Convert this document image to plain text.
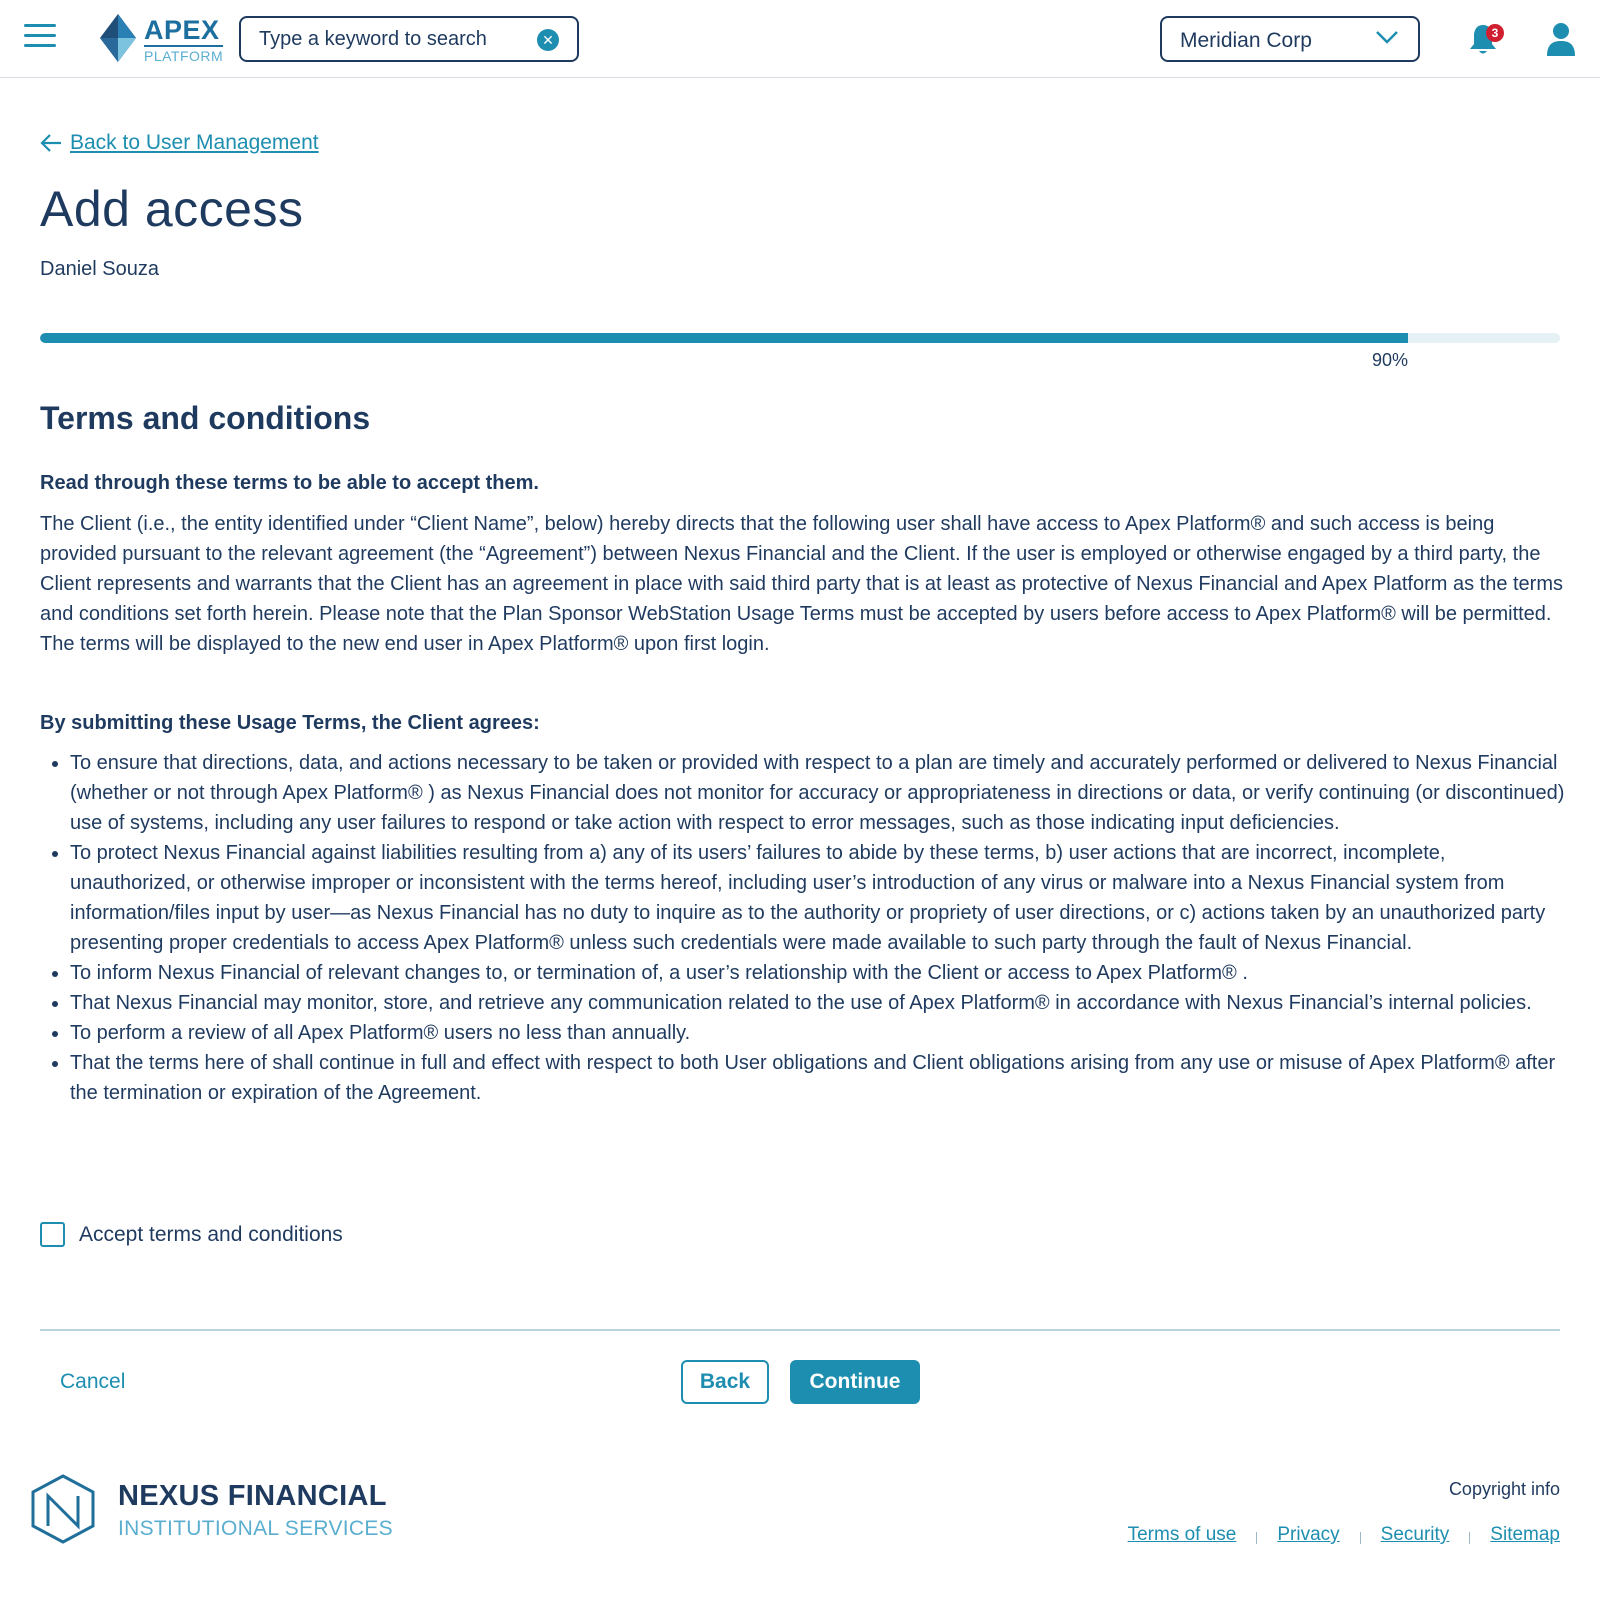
APEX
PLATFORM
Type a keyword to search
✕	Meridian Corp	3
Back to User Management
Add access
Daniel Souza
90%
Terms and conditions
Read through these terms to be able to accept them.

The Client (i.e., the entity identified under “Client Name”, below) hereby directs that the following user shall have access to Apex Platform® and such access is being provided pursuant to the relevant agreement (the “Agreement”) between Nexus Financial and the Client. If the user is employed or otherwise engaged by a third party, the Client represents and warrants that the Client has an agreement in place with said third party that is at least as protective of Nexus Financial and Apex Platform as the terms and conditions set forth herein. Please note that the Plan Sponsor WebStation Usage Terms must be accepted by users before access to Apex Platform® will be permitted. The terms will be displayed to the new end user in Apex Platform® upon first login.

By submitting these Usage Terms, the Client agrees:
To ensure that directions, data, and actions necessary to be taken or provided with respect to a plan are timely and accurately performed or delivered to Nexus Financial (whether or not through Apex Platform® ) as Nexus Financial does not monitor for accuracy or appropriateness in directions or data, or verify continuing (or discontinued) use of systems, including any user failures to respond or take action with respect to error messages, such as those indicating input deficiencies.
To protect Nexus Financial against liabilities resulting from a) any of its users’ failures to abide by these terms, b) user actions that are incorrect, incomplete, unauthorized, or otherwise improper or inconsistent with the terms hereof, including user’s introduction of any virus or malware into a Nexus Financial system from information/files input by user—as Nexus Financial has no duty to inquire as to the authority or propriety of user directions, or c) actions taken by an unauthorized party presenting proper credentials to access Apex Platform® unless such credentials were made available to such party through the fault of Nexus Financial.
To inform Nexus Financial of relevant changes to, or termination of, a user’s relationship with the Client or access to Apex Platform® .
That Nexus Financial may monitor, store, and retrieve any communication related to the use of Apex Platform® in accordance with Nexus Financial’s internal policies.
To perform a review of all Apex Platform® users no less than annually.
That the terms here of shall continue in full and effect with respect to both User obligations and Client obligations arising from any use or misuse of Apex Platform® after the termination or expiration of the Agreement.
Accept terms and conditions
Cancel	Back	Continue
NEXUS FINANCIAL
INSTITUTIONAL SERVICES
Copyright info
Terms of use Privacy Security Sitemap
